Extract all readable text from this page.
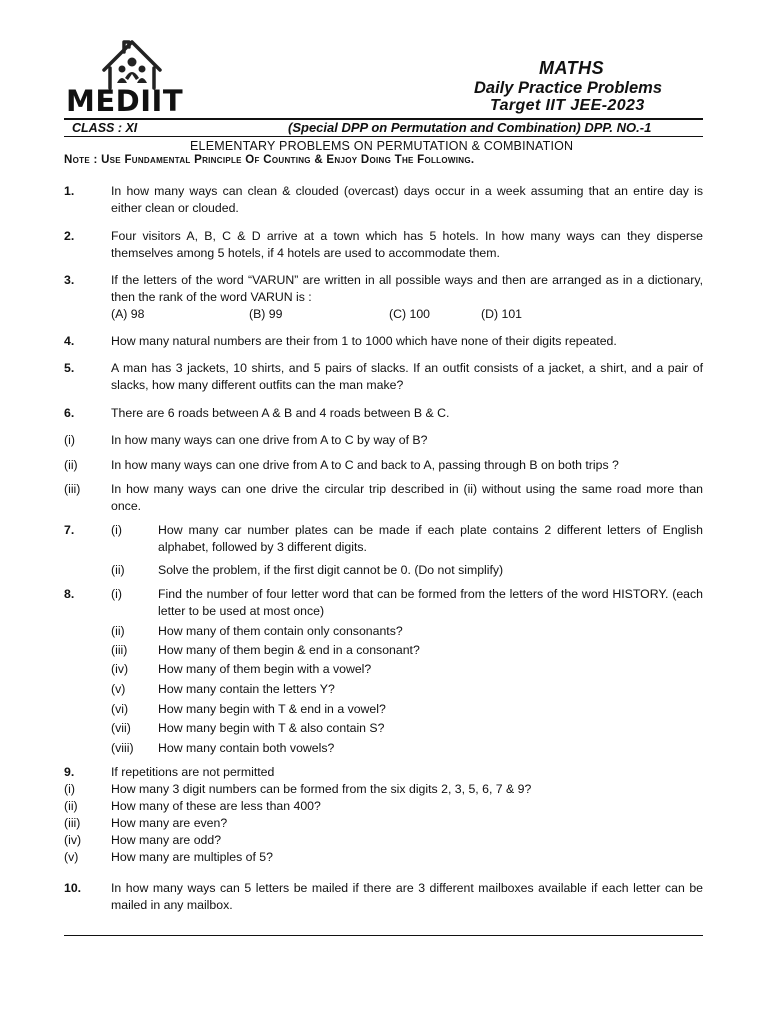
MEDIIT
MATHS
Daily Practice Problems
Target IIT JEE-2023
CLASS : XI	(Special DPP on Permutation and Combination) DPP. NO.-1
ELEMENTARY PROBLEMS ON PERMUTATION & COMBINATION
Note : Use Fundamental Principle Of Counting & Enjoy Doing The Following.
1.	In how many ways can clean & clouded (overcast) days occur in a week assuming that an entire day is either clean or clouded.
2.	Four visitors A, B, C & D arrive at a town which has 5 hotels. In how many ways can they disperse themselves among 5 hotels, if 4 hotels are used to accommodate them.
3.	If the letters of the word “VARUN” are written in all possible ways and then are arranged as in a dictionary, then the rank of the word VARUN is :
(A) 98	(B) 99	(C) 100	(D) 101
4.	How many natural numbers are their from 1 to 1000 which have none of their digits repeated.
5.	A man has 3 jackets, 10 shirts, and 5 pairs of slacks. If an outfit consists of a jacket, a shirt, and a pair of slacks, how many different outfits can the man make?
6.	There are 6 roads between A & B and 4 roads between B & C.
(i)	In how many ways can one drive from A to C by way of B?
(ii)	In how many ways can one drive from A to C and back to A, passing through B on both trips ?
(iii) In how many ways can one drive the circular trip described in (ii) without using the same road more than once.
7.	(i)	How many car number plates can be made if each plate contains 2 different letters of English alphabet, followed by 3 different digits.
(ii)	Solve the problem, if the first digit cannot be 0. (Do not simplify)
8.	(i)	Find the number of four letter word that can be formed from the letters of the word HISTORY. (each letter to be used at most once)
(ii)	How many of them contain only consonants?
(iii) How many of them begin & end in a consonant?
(iv) How many of them begin with a vowel?
(v)	How many contain the letters Y?
(vi) How many begin with T & end in a vowel?
(vii) How many begin with T & also contain S?
(viii) How many contain both vowels?
9.	If repetitions are not permitted
(i)	How many 3 digit numbers can be formed from the six digits 2, 3, 5, 6, 7 & 9?
(ii)	How many of these are less than 400?
(iii) How many are even?
(iv) How many are odd?
(v)	How many are multiples of 5?
10. In how many ways can 5 letters be mailed if there are 3 different mailboxes available if each letter can be mailed in any mailbox.
